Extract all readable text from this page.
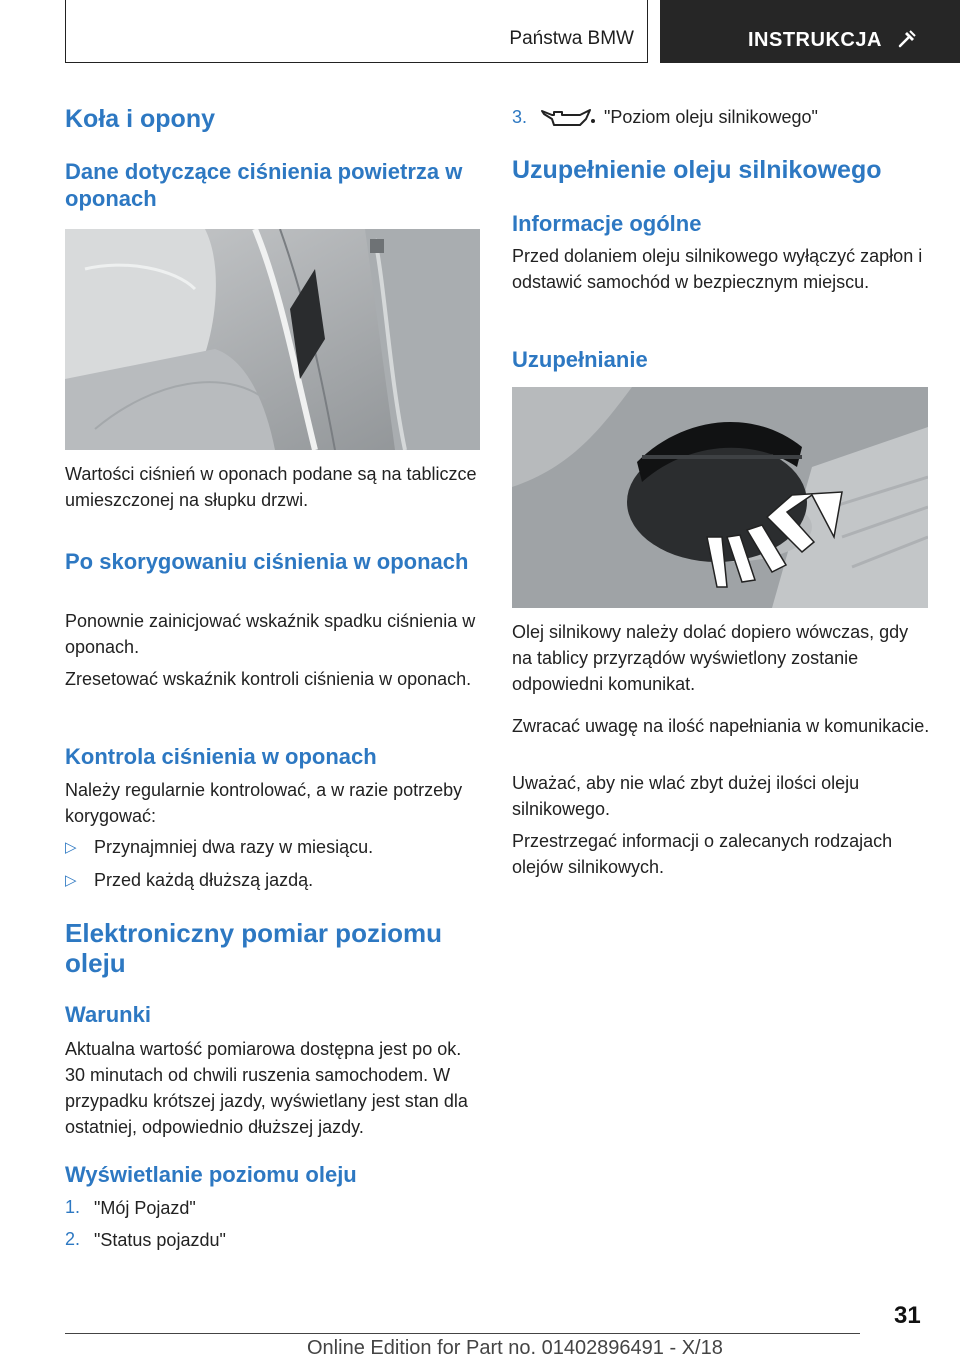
Państwa BMW	INSTRUKCJA
Koła i opony
Dane dotyczące ciśnienia powietrza w oponach
Wartości ciśnień w oponach podane są na tabliczce umieszczonej na słupku drzwi.
Po skorygowaniu ciśnienia w oponach
Ponownie zainicjować wskaźnik spadku ciśnienia w oponach.
Zresetować wskaźnik kontroli ciśnienia w oponach.
Kontrola ciśnienia w oponach
Należy regularnie kontrolować, a w razie potrzeby korygować:
▷ Przynajmniej dwa razy w miesiącu.
▷ Przed każdą dłuższą jazdą.
Elektroniczny pomiar poziomu oleju
Warunki
Aktualna wartość pomiarowa dostępna jest po ok. 30 minutach od chwili ruszenia samochodem. W przypadku krótszej jazdy, wyświetlany jest stan dla ostatniej, odpowiednio dłuższej jazdy.
Wyświetlanie poziomu oleju
1. "Mój Pojazd"
2. "Status pojazdu"
3.	"Poziom oleju silnikowego"
Uzupełnienie oleju silnikowego
Informacje ogólne
Przed dolaniem oleju silnikowego wyłączyć zapłon i odstawić samochód w bezpiecznym miejscu.
Uzupełnianie
Olej silnikowy należy dolać dopiero wówczas, gdy na tablicy przyrządów wyświetlony zostanie odpowiedni komunikat.
Zwracać uwagę na ilość napełniania w komunikacie.
Uważać, aby nie wlać zbyt dużej ilości oleju silnikowego.
Przestrzegać informacji o zalecanych rodzajach olejów silnikowych.
31
Online Edition for Part no. 01402896491 - X/18
